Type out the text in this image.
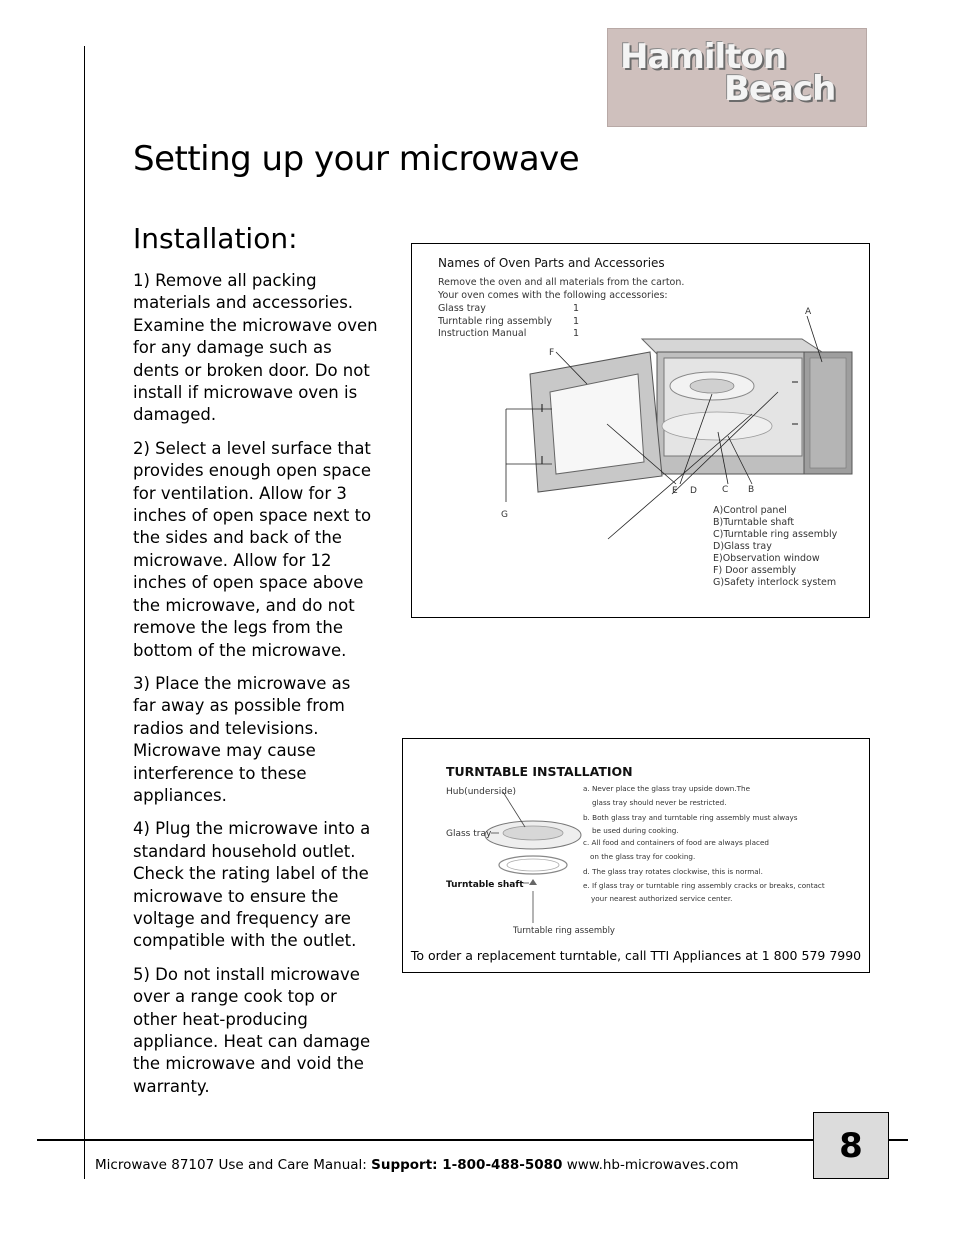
Hamilton
Beach
Setting up your microwave
Installation:

1) Remove all packing materials and accessories. Examine the microwave oven for any damage such as dents or broken door. Do not install if microwave oven is damaged.

2) Select a level surface that provides enough open space for ventilation. Allow for 3 inches of open space next to the sides and back of the microwave. Allow for 12 inches of open space above the microwave, and do not remove the legs from the bottom of the microwave.

3) Place the microwave as far away as possible from radios and televisions. Microwave may cause interference to these appliances.

4) Plug the microwave into a standard household outlet. Check the rating label of the microwave to ensure the voltage and frequency are compatible with the outlet.

5) Do not install microwave over a range cook top or other heat-producing appliance. Heat can damage the microwave and void the warranty.

Names of Oven Parts and Accessories
Remove the oven and all materials from the carton.
Your oven comes with the following accessories:
Glass tray	1
Turntable ring assembly 1
Instruction Manual	1
A
F
E D	C B
G	A)Control panel
B)Turntable shaft
C)Turntable ring assembly
D)Glass tray
E)Observation window
F) Door assembly
G)Safety interlock system
TURNTABLE INSTALLATION
Hub(underside)
Glass tray
Turntable shaft
Turntable ring assembly
a. Never place the glass tray upside down.The
glass tray should never be restricted.
b. Both glass tray and turntable ring assembly must always
be used during cooking.
c. All food and containers of food are always placed
on the glass tray for cooking.
d. The glass tray rotates clockwise, this is normal.
e. If glass tray or turntable ring assembly cracks or breaks, contact
your nearest authorized service center.
To order a replacement turntable, call TTI Appliances at 1 800 579 7990
Microwave 87107 Use and Care Manual: Support: 1-800-488-5080 www.hb-microwaves.com	8
